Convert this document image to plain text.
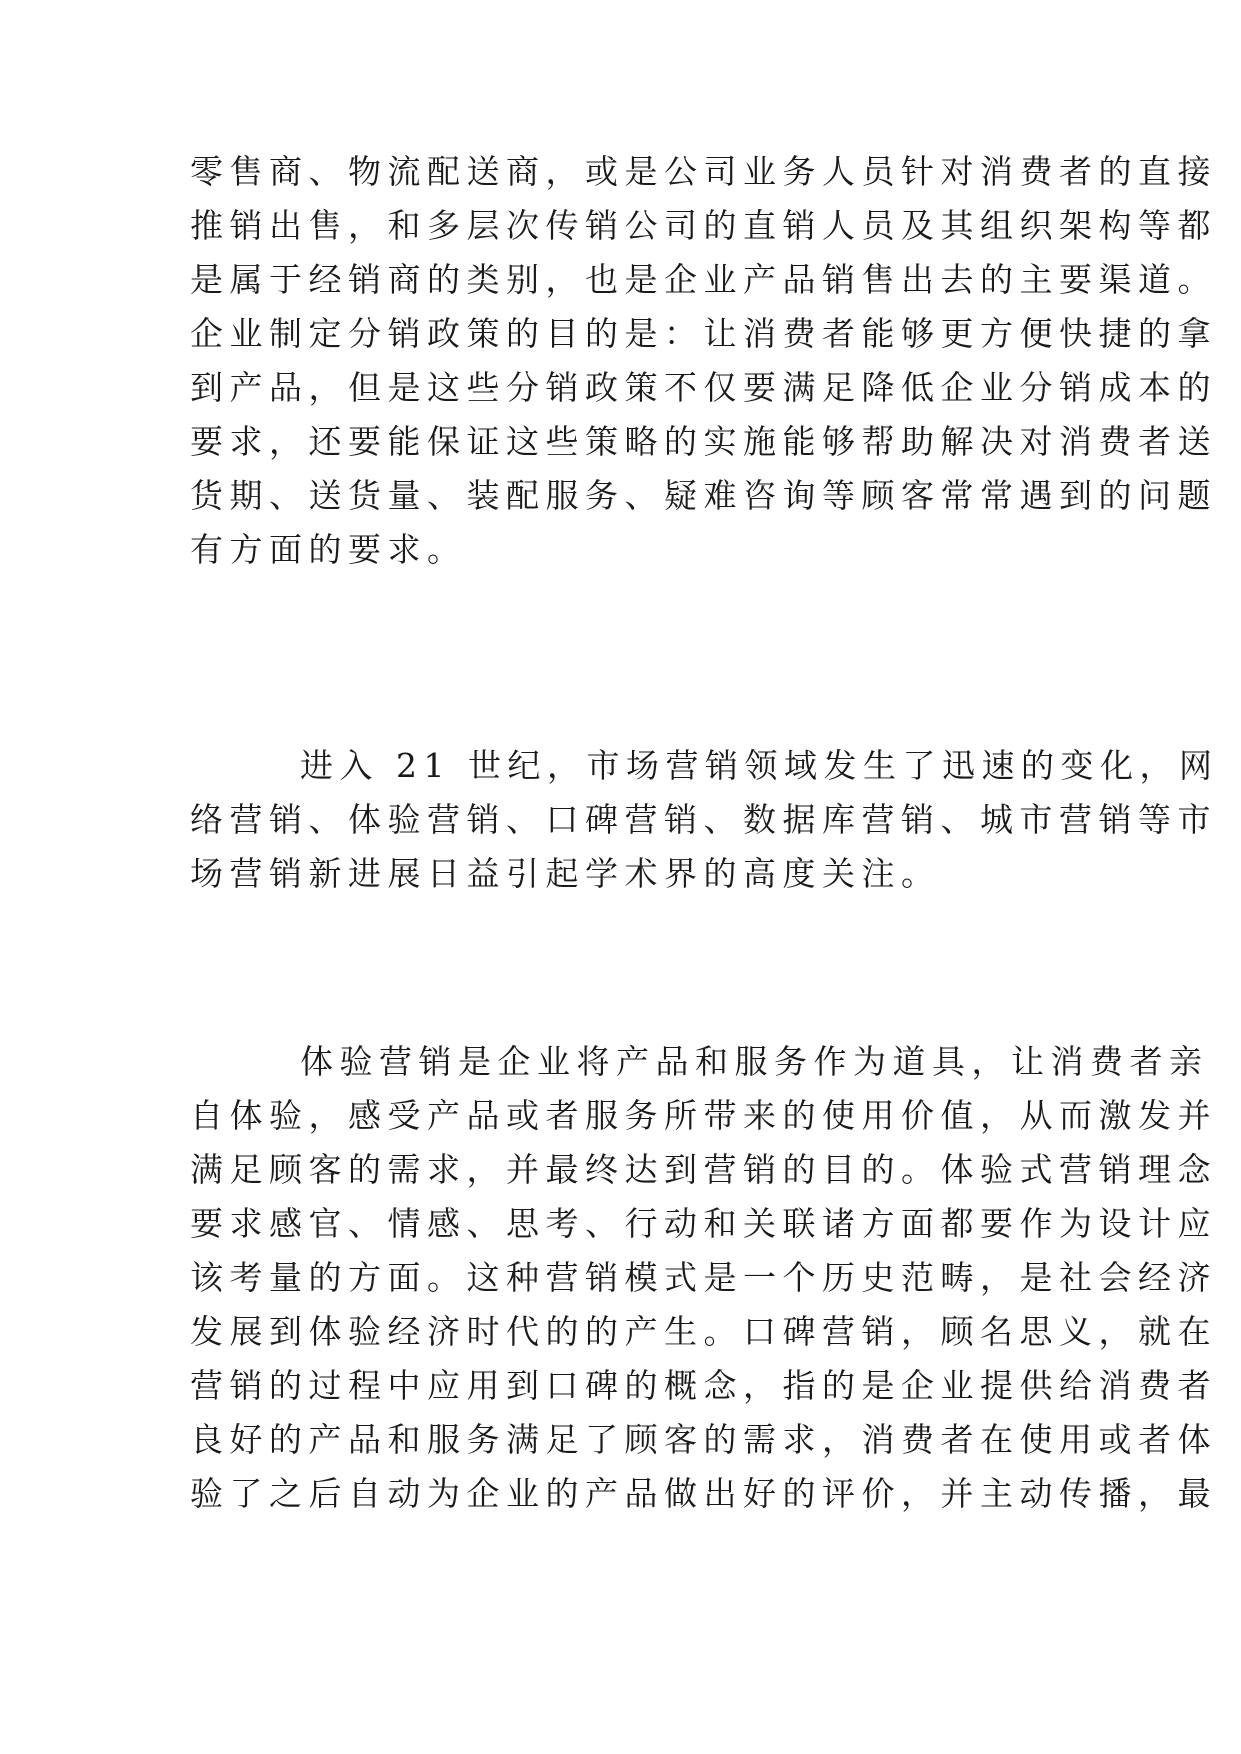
零售商、物流配送商，或是公司业务人员针对消费者的直接
推销出售，和多层次传销公司的直销人员及其组织架构等都
是属于经销商的类别，也是企业产品销售出去的主要渠道。
企业制定分销政策的目的是：让消费者能够更方便快捷的拿
到产品，但是这些分销政策不仅要满足降低企业分销成本的
要求，还要能保证这些策略的实施能够帮助解决对消费者送
货期、送货量、装配服务、疑难咨询等顾客常常遇到的问题
有方面的要求。
进入 21 世纪，市场营销领域发生了迅速的变化，网
络营销、体验营销、口碑营销、数据库营销、城市营销等市
场营销新进展日益引起学术界的高度关注。
体验营销是企业将产品和服务作为道具，让消费者亲
自体验，感受产品或者服务所带来的使用价值，从而激发并
满足顾客的需求，并最终达到营销的目的。体验式营销理念
要求感官、情感、思考、行动和关联诸方面都要作为设计应
该考量的方面。这种营销模式是一个历史范畴，是社会经济
发展到体验经济时代的的产生。口碑营销，顾名思义，就在
营销的过程中应用到口碑的概念，指的是企业提供给消费者
良好的产品和服务满足了顾客的需求，消费者在使用或者体
验了之后自动为企业的产品做出好的评价，并主动传播，最
